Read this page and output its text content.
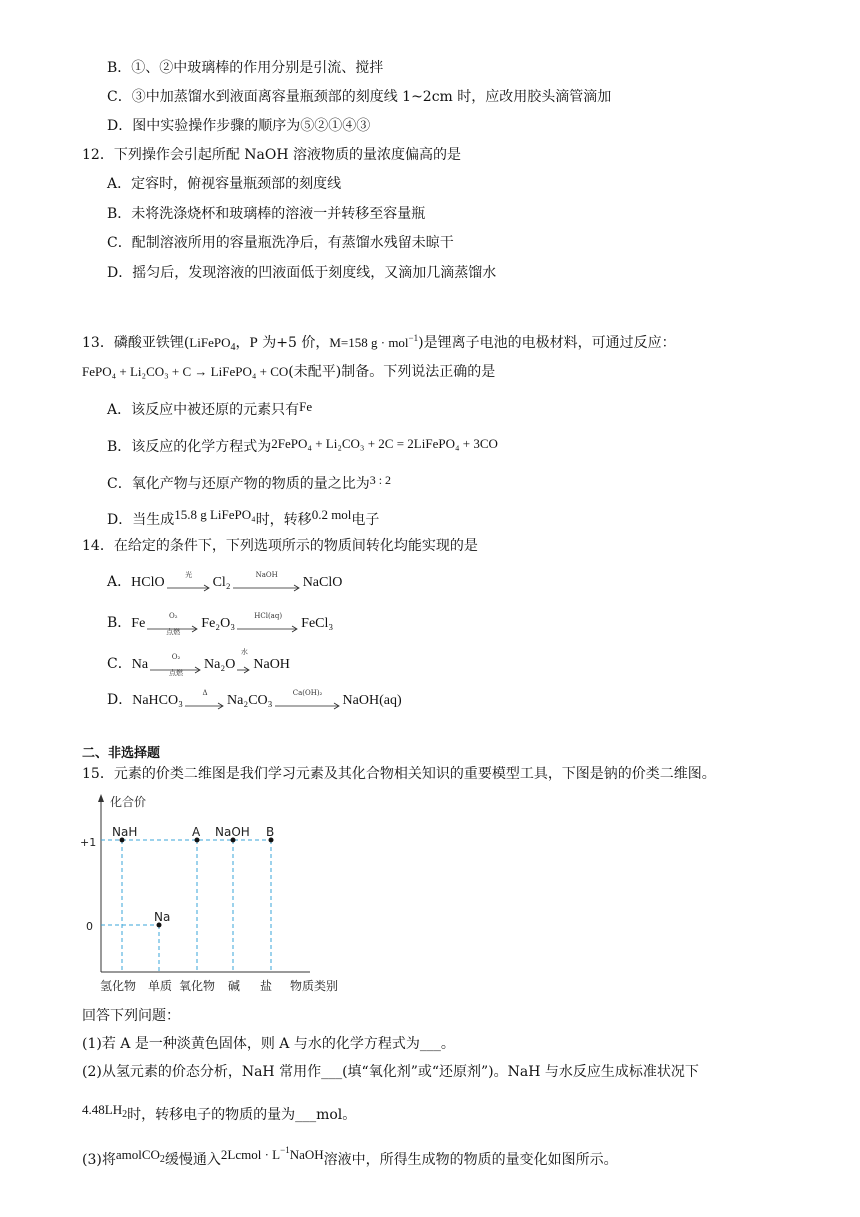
B．①、②中玻璃棒的作用分别是引流、搅拌
C．③中加蒸馏水到液面离容量瓶颈部的刻度线 1~2cm 时，应改用胶头滴管滴加
D．图中实验操作步骤的顺序为⑤②①④③
12．下列操作会引起所配 NaOH 溶液物质的量浓度偏高的是
A．定容时，俯视容量瓶颈部的刻度线
B．未将洗涤烧杯和玻璃棒的溶液一并转移至容量瓶
C．配制溶液所用的容量瓶洗净后，有蒸馏水残留未晾干
D．摇匀后，发现溶液的凹液面低于刻度线，又滴加几滴蒸馏水
13．磷酸亚铁锂(LiFePO$_4$，P 为+5 价，M=158 g · mol$^{-1}$)是锂离子电池的电极材料，可通过反应：
FePO₄ + Li₂CO₃ + C → LiFePO₄ + CO(未配平)制备。下列说法正确的是
A．该反应中被还原的元素只有Fe
B．该反应的化学方程式为2FePO₄ + Li₂CO₃ + 2C = 2LiFePO₄ + 3CO
C．氧化产物与还原产物的物质的量之比为3 : 2
D．当生成15.8 g LiFePO₄时，转移0.2 mol电子
14．在给定的条件下，下列选项所示的物质间转化均能实现的是
A．HClO	光	Cl₂	NaOH	NaClO
B．Fe	O₂
点燃
Fe₂O₃	HCl(aq)	FeCl₃
C．Na	O₂
点燃
Na₂O
水
NaOH
D．NaHCO₃	Δ	Na₂CO₃	Ca(OH)₂	NaOH(aq)
二、非选择题
15．元素的价类二维图是我们学习元素及其化合物相关知识的重要模型工具，下图是钠的价类二维图。
化合价
+1
0
NaH
Na
A NaOH B
氢化物 单质 氧化物 碱 盐 物质类别
回答下列问题：
(1)若 A 是一种淡黄色固体，则 A 与水的化学方程式为___。
(2)从氢元素的价态分析，NaH 常用作___(填“氧化剂”或“还原剂”)。NaH 与水反应生成标准状况下
$4.48LH_2$时，转移电子的物质的量为___mol。
(3)将amolCO$_2$缓慢通入2Lcmol · $L^{-1}NaOH$溶液中，所得生成物的物质的量变化如图所示。
